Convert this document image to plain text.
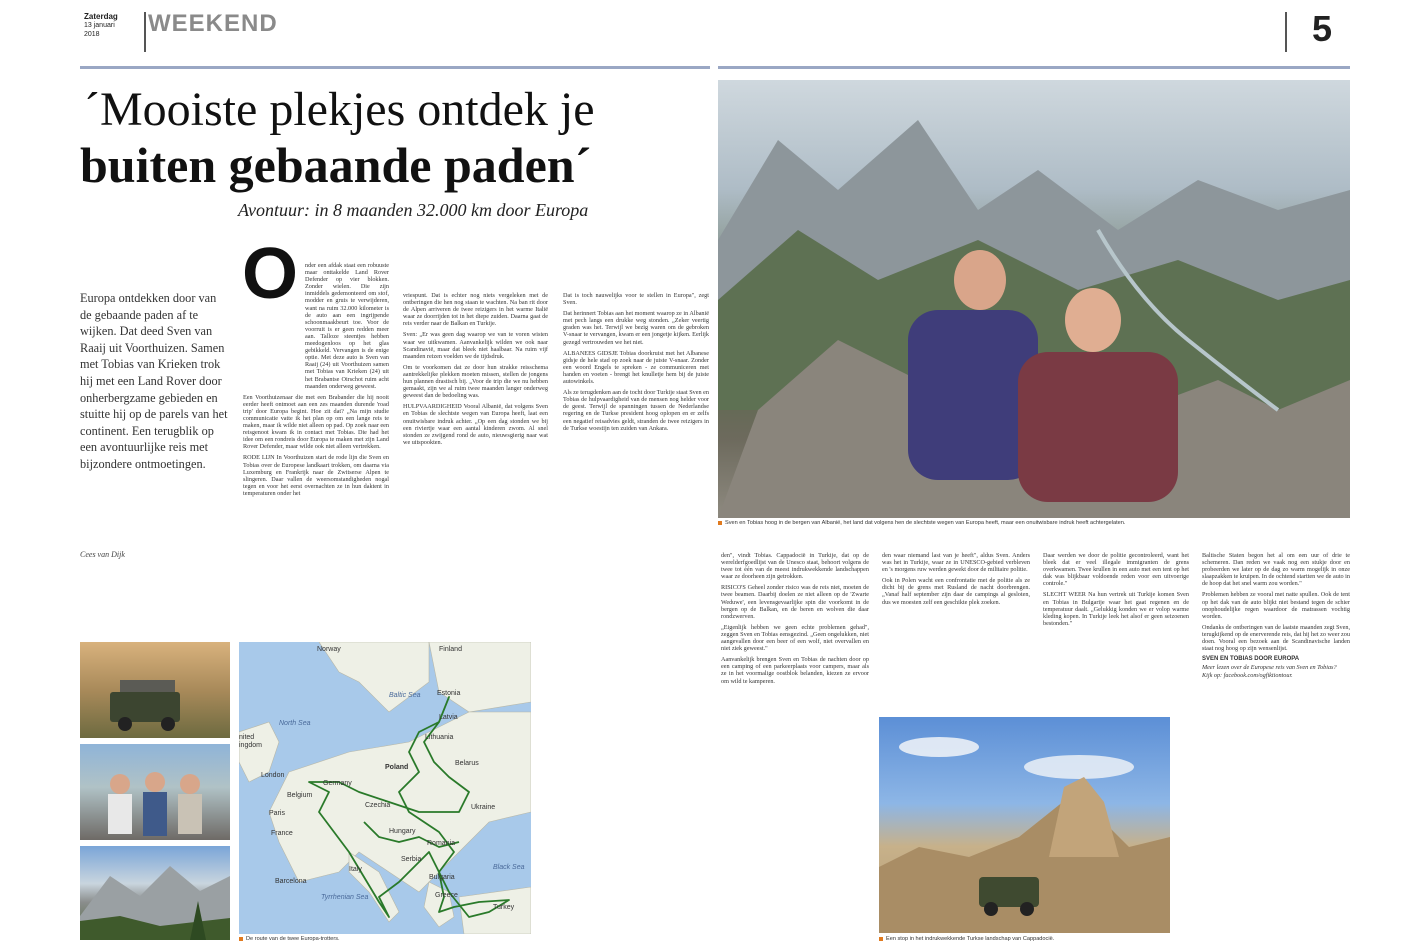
Zaterdag
13 januari
2018 WEEKEND	5
´Mooiste plekjes ontdek je
buiten gebaande paden´
Avontuur: in 8 maanden 32.000 km door Europa
Europa ontdekken door van de gebaande paden af te wijken. Dat deed Sven van Raaij uit Voorthuizen. Samen met Tobias van Krieken trok hij met een Land Rover door onherbergzame gebieden en stuitte hij op de parels van het continent. Een terugblik op een avontuurlijke reis met bijzondere ontmoetingen.
Cees van Dijk
O	nder een afdak staat een robuuste maar onttakelde Land Rover Defender op vier blokken. Zonder wielen. Die zijn inmiddels gedemonteerd om stof, modder en gruis te verwijderen, want na ruim 32.000 kilometer is de auto aan een ingrijpende schoonmaakbeurt toe. Voor de voorruit is er geen redden meer aan. Talloze steentjes hebben meedogenloos op het glas gebikkeld. Vervangen is de enige optie. Met deze auto is Sven van Raaij (24) uit Voorthuizen samen met Tobias van Krieken (24) uit het Brabantse Oirschot ruim acht maanden onderweg geweest.

Een Voorthuizenaar die met een Brabander die hij nooit eerder heeft ontmoet aan een zes maanden durende 'road trip' door Europa begint. Hoe zit dat? „Na mijn studie communicatie vatte ik het plan op om een lange reis te maken, maar ik wilde niet alleen op pad. Op zoek naar een reisgenoot kwam ik in contact met Tobias. Die had het idee om een rondreis door Europa te maken met zijn Land Rover Defender, maar wilde ook niet alleen vertrekken.

RODE LIJN In Voorthuizen start de rode lijn die Sven en Tobias over de Europese landkaart trokken, om daarna via Luxemburg en Frankrijk naar de Zwitserse Alpen te slingeren. Daar vallen de weersomstandigheden nogal tegen en voor het eerst overnachten ze in hun daktent in temperaturen onder het

vriespunt. Dat is echter nog niets vergeleken met de ontberingen die hen nog staan te wachten. Na ban rit door de Alpen arriveren de twee reizigers in het warme Italië waar ze doorrijden tot in het diepe zuiden. Daarna gaat de reis verder naar de Balkan en Turkije.

Sven: „Er was geen dag waarop we van te voren wisten waar we uitkwamen. Aanvankelijk wilden we ook naar Scandinavië, maar dat bleek niet haalbaar. Na ruim vijf maanden reizen voelden we de tijdsdruk.

Om te voorkomen dat ze door hun strakke reisschema aantrekkelijke plekken moeten missen, stellen de jongens hun plannen drastisch bij. „Voor de trip die we nu hebben gemaakt, zijn we al ruim twee maanden langer onderweg geweest dan de bedoeling was.

HULPVAARDIGHEID Vooral Albanië, dat volgens Sven en Tobias de slechtste wegen van Europa heeft, laat een onuitwisbare indruk achter. „Op een dag stonden we bij een riviertje waar een aantal kinderen zwom. Al snel stonden ze zwijgend rond de auto, nieuwsgierig naar wat we uitspookten.

Dat is toch nauwelijks voor te stellen in Europa", zegt Sven.

Dat herinnert Tobias aan het moment waarop ze in Albanië met pech langs een drukke weg stonden. „Zeker veertig graden was het. Terwijl we bezig waren om de gebroken V-snaar te vervangen, kwam er een jongetje kijken. Eerlijk gezegd vertrouwden we het niet.

ALBANEES GIDSJE Tobias doorkruist met het Albanese gidsje de hele stad op zoek naar de juiste V-snaar. Zonder een woord Engels te spreken - ze communiceren met handen en voeten - brengt het knulletje hem bij de juiste autowinkels.

Als ze terugdenken aan de tocht door Turkije staat Sven en Tobias de hulpvaardigheid van de mensen nog helder voor de geest. Terwijl de spanningen tussen de Nederlandse regering en de Turkse president hoog oplopen en er zelfs een negatief reisadvies geldt, stranden de twee reizigers in de Turkse woestijn ten zuiden van Ankara.

Sven en Tobias hoog in de bergen van Albanië, het land dat volgens hen de slechtste wegen van Europa heeft, maar een onuitwisbare indruk heeft achtergelaten.

den", vindt Tobias. Cappadocië in Turkije, dat op de werelderfgoedlijst van de Unesco staat, behoort volgens de twee tot één van de meest indrukwekkende landschappen waar ze doorheen zijn getrokken.

RISICO'S Geheel zonder risico was de reis niet, moeten de twee beamen. Daarbij doelen ze niet alleen op de 'Zwarte Weduwe', een levensgevaarlijke spin die voorkomt in de bergen op de Balkan, en de beren en wolven die daar rondzwerven.

„Eigenlijk hebben we geen echte problemen gehad", zeggen Sven en Tobias eensgezind. „Geen ongelukken, niet aangevallen door een beer of een wolf, niet overvallen en niet ziek geweest."

Aanvankelijk brengen Sven en Tobias de nachten door op een camping of een parkeerplaats voor campers, maar als ze in het voormalige oostblok belanden, kiezen ze ervoor om wild te kamperen.

den waar niemand last van je heeft", aldus Sven. Anders was het in Turkije, waar ze in UNESCO-gebied verbleven en 's morgens ruw werden gewekt door de militaire politie.

Ook in Polen wacht een confrontatie met de politie als ze dicht bij de grens met Rusland de nacht doorbrengen. „Vanaf half september zijn daar de campings al gesloten, dus we moesten zelf een geschikte plek zoeken.

Daar werden we door de politie gecontroleerd, want het bleek dat er veel illegale immigranten de grens overkwamen. Twee krullen in een auto met een tent op het dak was blijkbaar voldoende reden voor een uitvoerige controle."

SLECHT WEER Na hun vertrek uit Turkije komen Sven en Tobias in Bulgarije waar het gaat regenen en de temperatuur daalt. „Gelukkig konden we er volop warme kleding kopen. In Turkije leek het alsof er geen seizoenen bestonden."

Baltische Staten begon het al om een uur of drie te schemeren. Dan reden we vaak nog een stukje door en probeerden we later op de dag zo warm mogelijk in onze slaapzakken te kruipen. In de ochtend startten we de auto in de hoop dat het snel warm zou worden."

Problemen hebben ze vooral met natte spullen. Ook de tent op het dak van de auto blijkt niet bestand tegen de schier onophoudelijke regen waardoor de matrassen vochtig worden.

Ondanks de ontberingen van de laatste maanden zegt Sven, terugkijkend op de enerverende reis, dat hij het zo weer zou doen. Vooral een bezoek aan de Scandinavische landen staat nog hoog op zijn wensenlijst.

SVEN EN TOBIAS DOOR EUROPA

Meer lezen over de Europese reis van Sven en Tobias?

Kijk op: facebook.com/ogfiktiontour.

Een stop in het indrukwekkende Turkse landschap van Cappadocië.
Norway	Finland
Estonia
Baltic Sea
Latvia
Lithuania
North Sea
nited
ingdom
Belarus
Poland
London
Germany
Belgium
Ukraine
Czechia
Paris
France	Hungary
Romania
Serbia
Bulgaria
Black Sea
Italy
Barcelona
Greece
Tyrrhenian Sea
Turkey
De route van de twee Europa-trotters.
